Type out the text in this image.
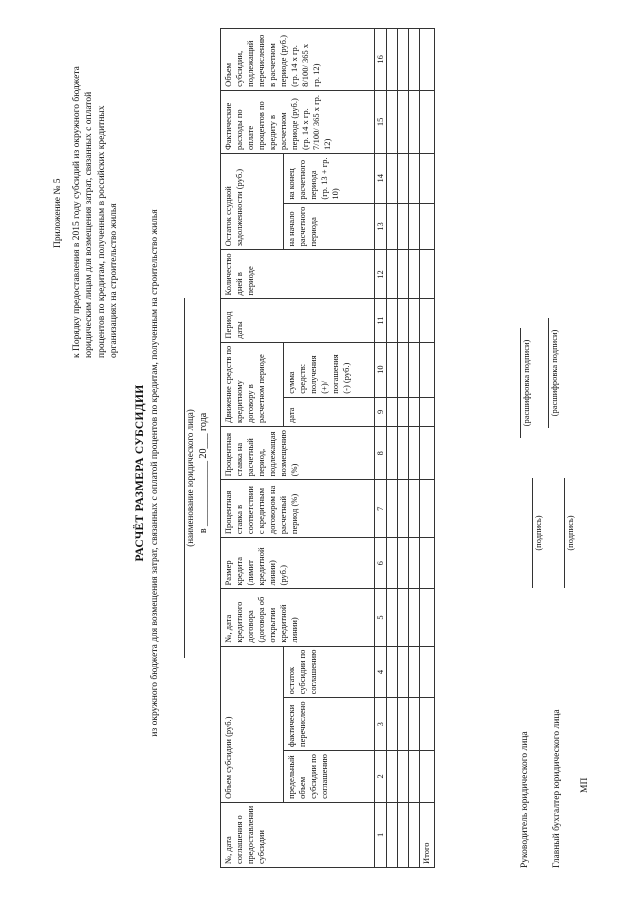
Приложение № 5 к Порядку предоставления в 2015 году субсидий из окружного бюджета юридическим лицам для возмещения затрат, связанных с оплатой процентов по кредитам, полученным в российских кредитных организациях на строительство жилья
РАСЧЁТ РАЗМЕРА СУБСИДИИ из окружного бюджета для возмещения затрат, связанных с оплатой процентов по кредитам, полученным на строительство жилья	(наименование юридического лица) в _____________ 20___ года
№, дата соглашения о предоставлении субсидии	Объем субсидии (руб.)			№, дата кредитного договора (договора об открытии кредитной линии)	Размер кредита (лимит кредитной линии) (руб.)	Процентная ставка в соответствии с кредитным договором на расчетный период (%)	Процентная ставка на расчетный период, подлежащая возмещению (%)	Движение средств по кредитному договору в расчетном периоде		Период даты	Количество дней в периоде	Остаток ссудной задолженности (руб.)		Фактические расходы по оплате процентов по кредиту в расчетном периоде (руб.) (гр. 14 х гр. 7/100/ 365 х гр. 12)	Объем субсидии, подлежащий перечислению в расчетном периоде (руб.) (гр. 14 х гр. 8/100/ 365 х гр. 12)
	предельный объем субсидии по соглашению	фактически перечислено	остаток субсидии по соглашению					дата	сумма средств: получения (+)/ погашения (-) (руб.)			на начало расчетного периода	на конец расчетного периода (гр. 13 + гр. 10)		
1	2	3	4	5	6	7	8	9	10	11	12	13	14	15	16

Итого																Руководитель юридического лица
(подпись)
(расшифровка подписи)
Главный бухгалтер юридического лица
(подпись)
(расшифровка подписи)
МП
